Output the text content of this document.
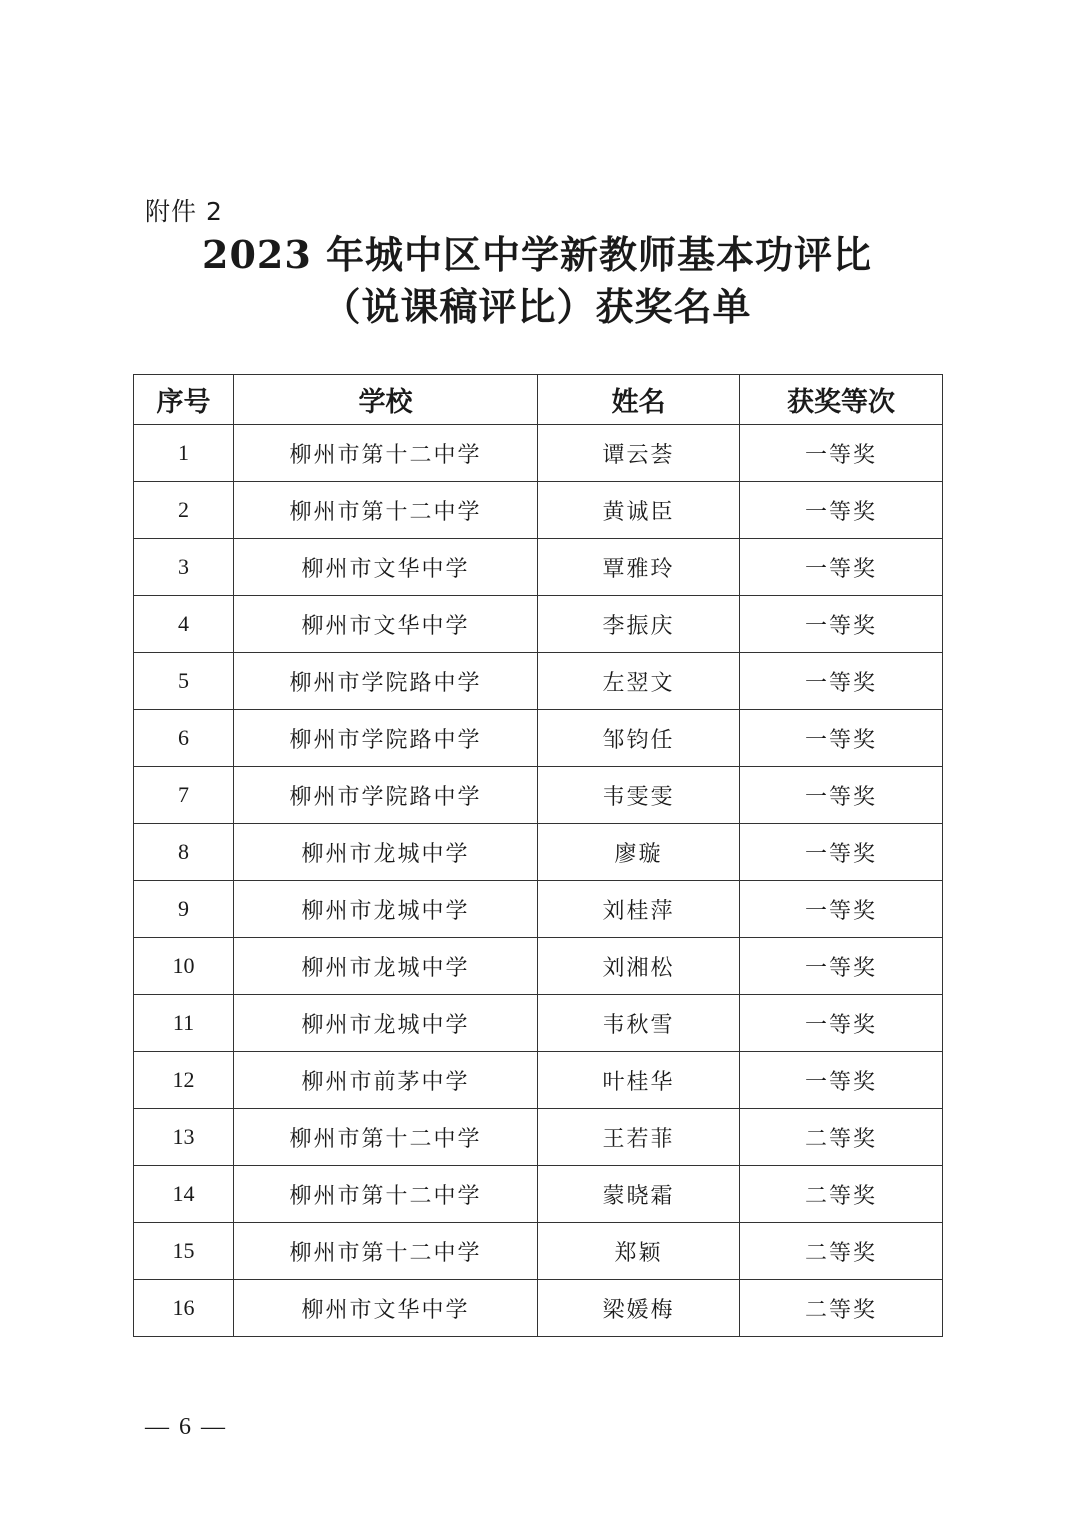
附件 2
2023 年城中区中学新教师基本功评比
（说课稿评比）获奖名单
序号	学校	姓名	获奖等次
1	柳州市第十二中学	谭云荟	一等奖
2	柳州市第十二中学	黄诚臣	一等奖
3	柳州市文华中学	覃雅玲	一等奖
4	柳州市文华中学	李振庆	一等奖
5	柳州市学院路中学	左翌文	一等奖
6	柳州市学院路中学	邹钧任	一等奖
7	柳州市学院路中学	韦雯雯	一等奖
8	柳州市龙城中学	廖璇	一等奖
9	柳州市龙城中学	刘桂萍	一等奖
10	柳州市龙城中学	刘湘松	一等奖
11	柳州市龙城中学	韦秋雪	一等奖
12	柳州市前茅中学	叶桂华	一等奖
13	柳州市第十二中学	王若菲	二等奖
14	柳州市第十二中学	蒙晓霜	二等奖
15	柳州市第十二中学	郑颖	二等奖
16	柳州市文华中学	梁媛梅	二等奖
— 6 —
